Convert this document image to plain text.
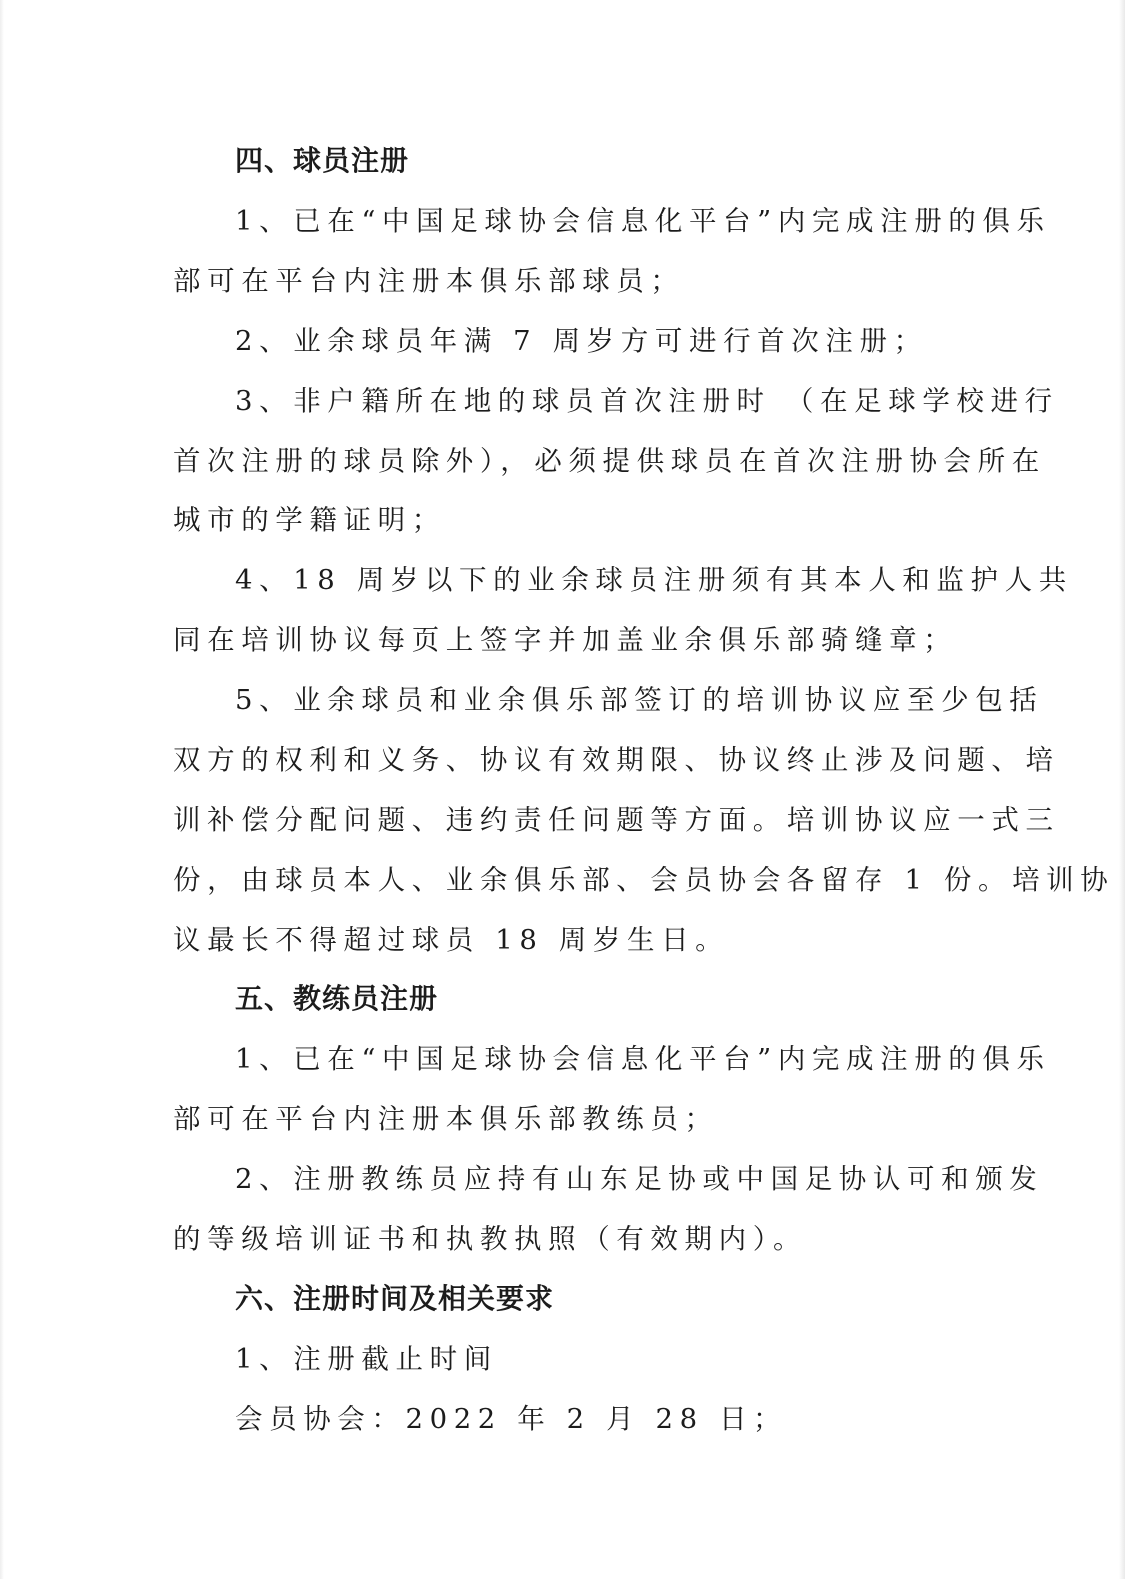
四、球员注册
1、已在“中国足球协会信息化平台”内完成注册的俱乐
部可在平台内注册本俱乐部球员；
2、业余球员年满 7 周岁方可进行首次注册；
3、非户籍所在地的球员首次注册时 （在足球学校进行
首次注册的球员除外），必须提供球员在首次注册协会所在
城市的学籍证明；
4、18 周岁以下的业余球员注册须有其本人和监护人共
同在培训协议每页上签字并加盖业余俱乐部骑缝章；
5、业余球员和业余俱乐部签订的培训协议应至少包括
双方的权利和义务、协议有效期限、协议终止涉及问题、培
训补偿分配问题、违约责任问题等方面。培训协议应一式三
份，由球员本人、业余俱乐部、会员协会各留存 1 份。培训协
议最长不得超过球员 18 周岁生日。
五、教练员注册
1、已在“中国足球协会信息化平台”内完成注册的俱乐
部可在平台内注册本俱乐部教练员；
2、注册教练员应持有山东足协或中国足协认可和颁发
的等级培训证书和执教执照（有效期内）。
六、注册时间及相关要求
1、注册截止时间
会员协会：2022 年 2 月 28 日；
